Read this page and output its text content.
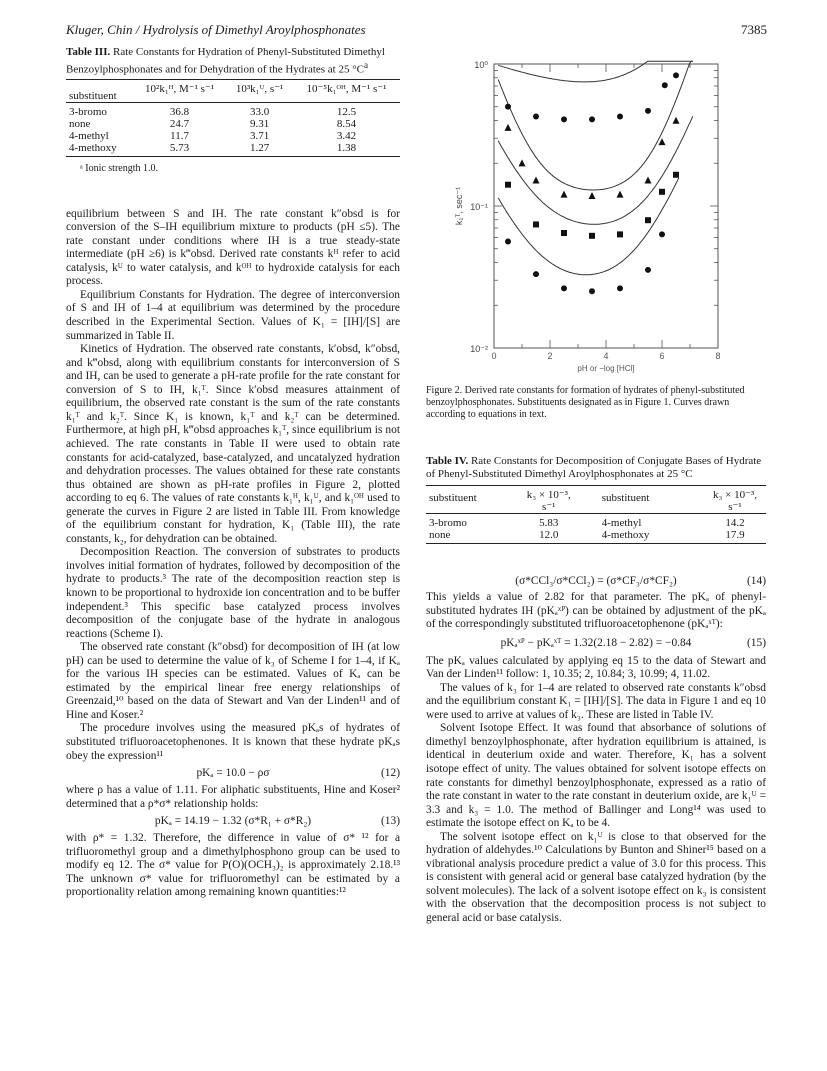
Kluger, Chin / Hydrolysis of Dimethyl Aroylphosphonates	7385
Table III. Rate Constants for Hydration of Phenyl-Substituted Dimethyl Benzoylphosphonates and for Dehydration of the Hydrates at 25 $^\circ C^a$
substituent	10²k₁ᴴ, M⁻¹ s⁻¹	10³k₁ᵁ, s⁻¹	10⁻⁵k₁ᴼᴴ, M⁻¹ s⁻¹
3-bromo	36.8	33.0	12.5
none	24.7	9.31	8.54
4-methyl	11.7	3.71	3.42
4-methoxy	5.73	1.27	1.38

ᵃ Ionic strength 1.0.

equilibrium between S and IH. The rate constant k″obsd is for conversion of the S–IH equilibrium mixture to products (pH ≤5). The rate constant under conditions where IH is a true steady-state intermediate (pH ≥6) is k‴obsd. Derived rate constants kᴴ refer to acid catalysis, kᵁ to water catalysis, and kᴼᴴ to hydroxide catalysis for each process.

Equilibrium Constants for Hydration. The degree of interconversion of S and IH of 1–4 at equilibrium was determined by the procedure described in the Experimental Section. Values of K₁ = [IH]/[S] are summarized in Table II.

Kinetics of Hydration. The observed rate constants, k′obsd, k″obsd, and k‴obsd, along with equilibrium constants for interconversion of S and IH, can be used to generate a pH-rate profile for the rate constant for conversion of S to IH, k₁ᵀ. Since k′obsd measures attainment of equilibrium, the observed rate constant is the sum of the rate constants k₁ᵀ and k₂ᵀ. Since K₁ is known, k₁ᵀ and k₂ᵀ can be determined. Furthermore, at high pH, k‴obsd approaches k₁ᵀ, since equilibrium is not achieved. The rate constants in Table II were used to obtain rate constants for acid-catalyzed, base-catalyzed, and uncatalyzed hydration and dehydration processes. The values obtained for these rate constants thus obtained are shown as pH-rate profiles in Figure 2, plotted according to eq 6. The values of rate constants k₁ᴴ, k₁ᵁ, and k₁ᴼᴴ used to generate the curves in Figure 2 are listed in Table III. From knowledge of the equilibrium constant for hydration, K₁ (Table III), the rate constants, k₂, for dehydration can be obtained.

Decomposition Reaction. The conversion of substrates to products involves initial formation of hydrates, followed by decomposition of the hydrate to products.³ The rate of the decomposition reaction step is known to be proportional to hydroxide ion concentration and to be buffer independent.³ This specific base catalyzed process involves decomposition of the conjugate base of the hydrate in analogous reactions (Scheme I).

The observed rate constant (k″obsd) for decomposition of IH (at low pH) can be used to determine the value of k₃ of Scheme I for 1–4, if Kₐ for the various IH species can be estimated. Values of Kₐ can be estimated by the empirical linear free energy relationships of Greenzaid,¹⁰ based on the data of Stewart and Van der Linden¹¹ and of Hine and Koser.²

The procedure involves using the measured pKₐs of hydrates of substituted trifluoroacetophenones. It is known that these hydrate pKₐs obey the expression¹¹

pKₐ = 10.0 − ρσ	(12)

where ρ has a value of 1.11. For aliphatic substituents, Hine and Koser² determined that a ρ*σ* relationship holds:

pKₐ = 14.19 − 1.32 (σ*R₁ + σ*R₂)	(13)

with ρ* = 1.32. Therefore, the difference in value of σ* ¹² for a trifluoromethyl group and a dimethylphosphono group can be used to modify eq 12. The σ* value for P(O)(OCH₃)₂ is approximately 2.18.¹³ The unknown σ* value for trifluoromethyl can be estimated by a proportionality relation among remaining known quantities:¹²

10⁰
10⁻¹
10⁻²
0	2	4	6	8
k₁ᵀ, sec⁻¹
pH or −log [HCl]
Figure 2. Derived rate constants for formation of hydrates of phenyl-substituted benzoylphosphonates. Substituents designated as in Figure 1. Curves drawn according to equations in text.
Table IV. Rate Constants for Decomposition of Conjugate Bases of Hydrate of Phenyl-Substituted Dimethyl Aroylphosphonates at 25 °C
substituent	k₃ × 10⁻³, s⁻¹	substituent	k₃ × 10⁻³, s⁻¹
3-bromo	5.83	4-methyl	14.2
none	12.0	4-methoxy	17.9

(σ*CCl₃/σ*CCl₂) = (σ*CF₃/σ*CF₂)	(14)

This yields a value of 2.82 for that parameter. The pKₐ of phenyl-substituted hydrates IH (pKₐˣᴾ) can be obtained by adjustment of the pKₐ of the correspondingly substituted trifluoroacetophenone (pKₐˣᵀ):

pKₐˣᴾ − pKₐˣᵀ = 1.32(2.18 − 2.82) = −0.84	(15)

The pKₐ values calculated by applying eq 15 to the data of Stewart and Van der Linden¹¹ follow: 1, 10.35; 2, 10.84; 3, 10.99; 4, 11.02.

The values of k₃ for 1–4 are related to observed rate constants k″obsd and the equilibrium constant K₁ = [IH]/[S]. The data in Figure 1 and eq 10 were used to arrive at values of k₃. These are listed in Table IV.

Solvent Isotope Effect. It was found that absorbance of solutions of dimethyl benzoylphosphonate, after hydration equilibrium is attained, is identical in deuterium oxide and water. Therefore, K₁ has a solvent isotope effect of unity. The values obtained for solvent isotope effects on rate constants for dimethyl benzoylphosphonate, expressed as a ratio of the rate constant in water to the rate constant in deuterium oxide, are k₁ᵁ = 3.3 and k₃ = 1.0. The method of Ballinger and Long¹⁴ was used to estimate the isotope effect on Kₐ to be 4.

The solvent isotope effect on k₁ᵁ is close to that observed for the hydration of aldehydes.¹⁰ Calculations by Bunton and Shiner¹⁵ based on a vibrational analysis procedure predict a value of 3.0 for this process. This is consistent with general acid or general base catalyzed hydration (by the solvent molecules). The lack of a solvent isotope effect on k₃ is consistent with the observation that the decomposition process is not subject to general acid or base catalysis.
